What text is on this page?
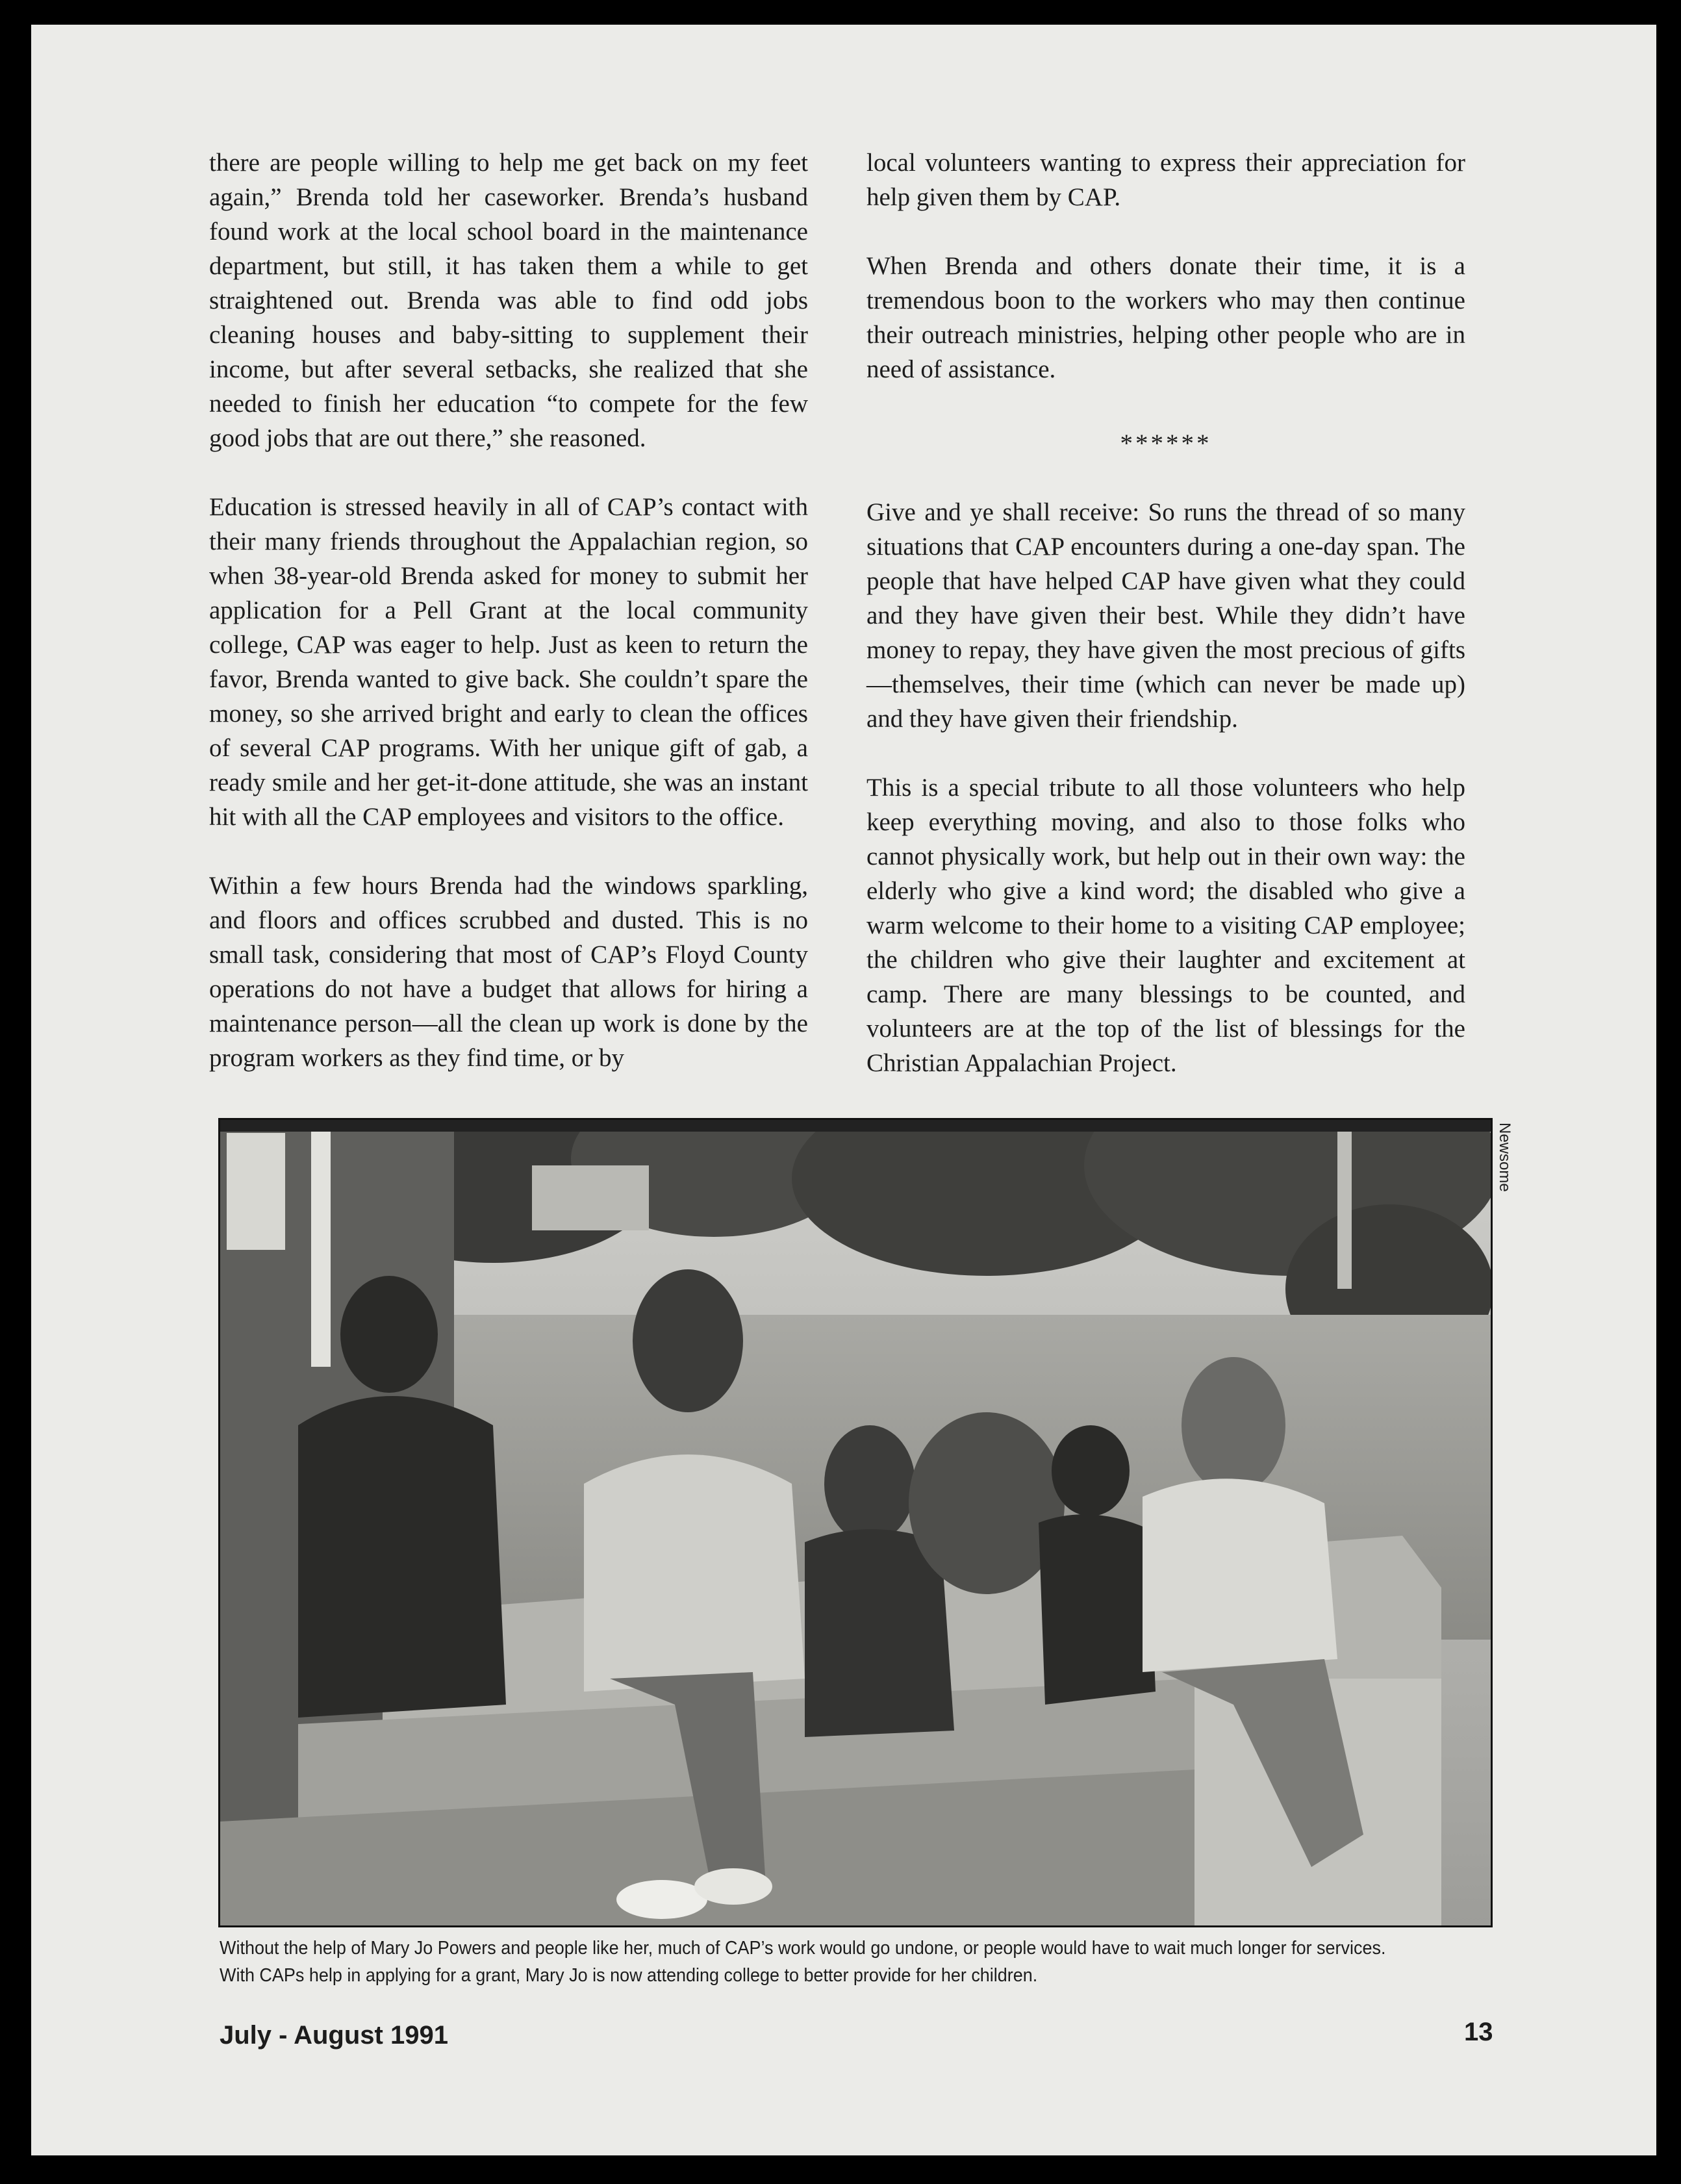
there are people willing to help me get back on my feet again,” Brenda told her caseworker. Brenda’s husband found work at the local school board in the maintenance department, but still, it has taken them a while to get straightened out. Brenda was able to find odd jobs cleaning houses and baby-sitting to supplement their income, but after several setbacks, she realized that she needed to finish her education “to compete for the few good jobs that are out there,” she reasoned.

Education is stressed heavily in all of CAP’s contact with their many friends throughout the Appalachian region, so when 38-year-old Brenda asked for money to submit her application for a Pell Grant at the local community college, CAP was eager to help. Just as keen to return the favor, Brenda wanted to give back. She couldn’t spare the money, so she arrived bright and early to clean the offices of several CAP programs. With her unique gift of gab, a ready smile and her get-it-done attitude, she was an instant hit with all the CAP employees and visitors to the office.

Within a few hours Brenda had the windows sparkling, and floors and offices scrubbed and dusted. This is no small task, considering that most of CAP’s Floyd County operations do not have a budget that allows for hiring a maintenance person—all the clean up work is done by the program workers as they find time, or by

local volunteers wanting to express their appreciation for help given them by CAP.

When Brenda and others donate their time, it is a tremendous boon to the workers who may then continue their outreach ministries, helping other people who are in need of assistance.

******

Give and ye shall receive: So runs the thread of so many situations that CAP encounters during a one-day span. The people that have helped CAP have given what they could and they have given their best. While they didn’t have money to repay, they have given the most precious of gifts—themselves, their time (which can never be made up) and they have given their friendship.

This is a special tribute to all those volunteers who help keep everything moving, and also to those folks who cannot physically work, but help out in their own way: the elderly who give a kind word; the disabled who give a warm welcome to their home to a visiting CAP employee; the children who give their laughter and excitement at camp. There are many blessings to be counted, and volunteers are at the top of the list of blessings for the Christian Appalachian Project.

Newsome
Without the help of Mary Jo Powers and people like her, much of CAP’s work would go undone, or people would have to wait much longer for services. With CAPs help in applying for a grant, Mary Jo is now attending college to better provide for her children.
July - August 1991	13
